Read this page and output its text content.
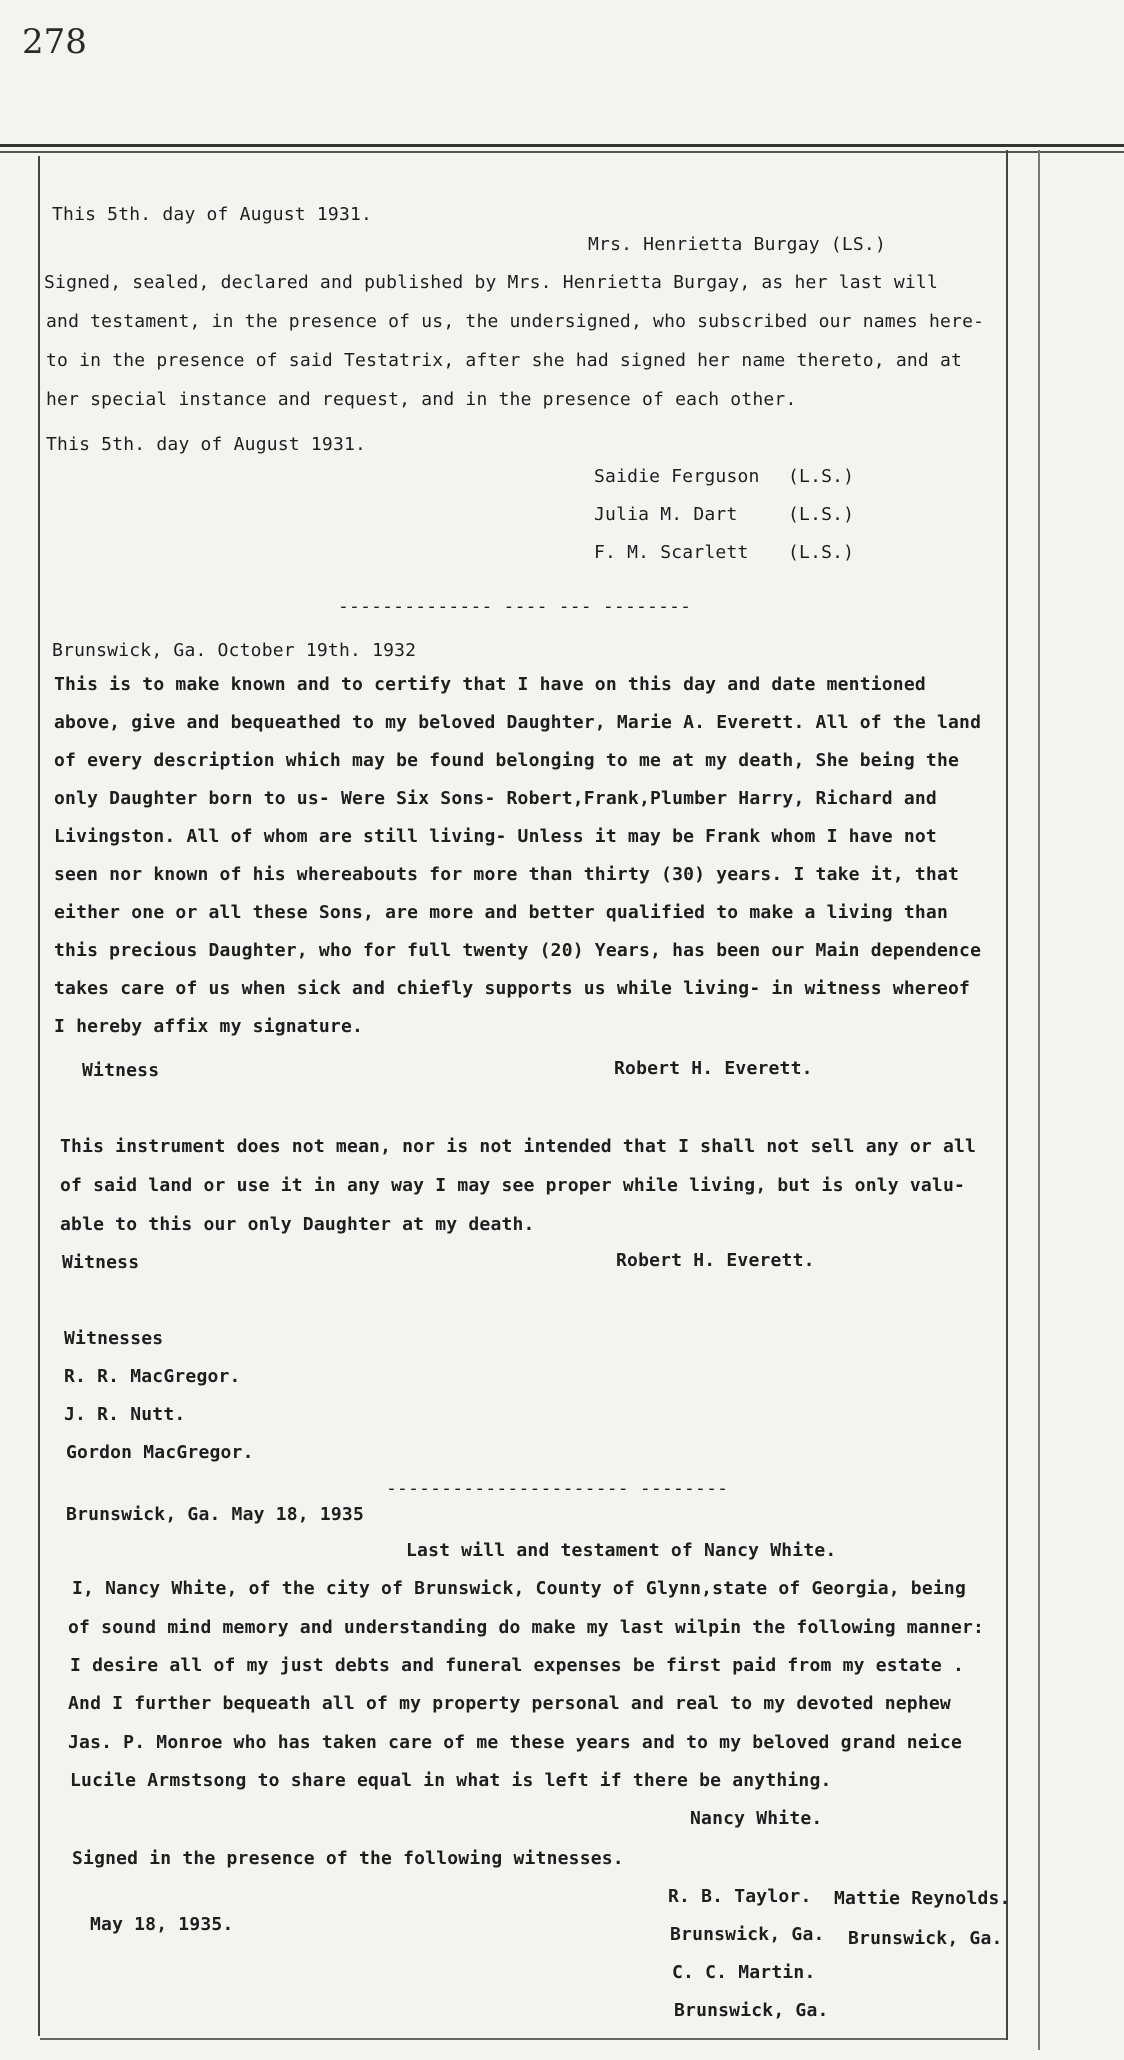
278
This 5th. day of August 1931.
Mrs. Henrietta Burgay (LS.)
Signed, sealed, declared and published by Mrs. Henrietta Burgay, as her last will
and testament, in the presence of us, the undersigned, who subscribed our names here-
to in the presence of said Testatrix, after she had signed her name thereto, and at
her special instance and request, and in the presence of each other.
This 5th. day of August 1931.
Saidie Ferguson (L.S.)
Julia M. Dart	(L.S.)
F. M. Scarlett (L.S.)
-------------- ---- --- --------
Brunswick, Ga. October 19th. 1932
This is to make known and to certify that I have on this day and date mentioned
above, give and bequeathed to my beloved Daughter, Marie A. Everett. All of the land
of every description which may be found belonging to me at my death, She being the
only Daughter born to us- Were Six Sons- Robert,Frank,Plumber Harry, Richard and
Livingston. All of whom are still living- Unless it may be Frank whom I have not
seen nor known of his whereabouts for more than thirty (30) years. I take it, that
either one or all these Sons, are more and better qualified to make a living than
this precious Daughter, who for full twenty (20) Years, has been our Main dependence
takes care of us when sick and chiefly supports us while living- in witness whereof
I hereby affix my signature.
Witness	Robert H. Everett.
This instrument does not mean, nor is not intended that I shall not sell any or all
of said land or use it in any way I may see proper while living, but is only valu-
able to this our only Daughter at my death.
Witness	Robert H. Everett.
Witnesses
R. R. MacGregor.
J. R. Nutt.
Gordon MacGregor.
---------------------- --------
Brunswick, Ga. May 18, 1935
Last will and testament of Nancy White.
I, Nancy White, of the city of Brunswick, County of Glynn,state of Georgia, being
of sound mind memory and understanding do make my last wilpin the following manner:
I desire all of my just debts and funeral expenses be first paid from my estate .
And I further bequeath all of my property personal and real to my devoted nephew
Jas. P. Monroe who has taken care of me these years and to my beloved grand neice
Lucile Armstsong to share equal in what is left if there be anything.
Nancy White.
Signed in the presence of the following witnesses.
May 18, 1935.
R. B. Taylor.
Brunswick, Ga.
C. C. Martin.
Brunswick, Ga.
Mattie Reynolds.
Brunswick, Ga.
